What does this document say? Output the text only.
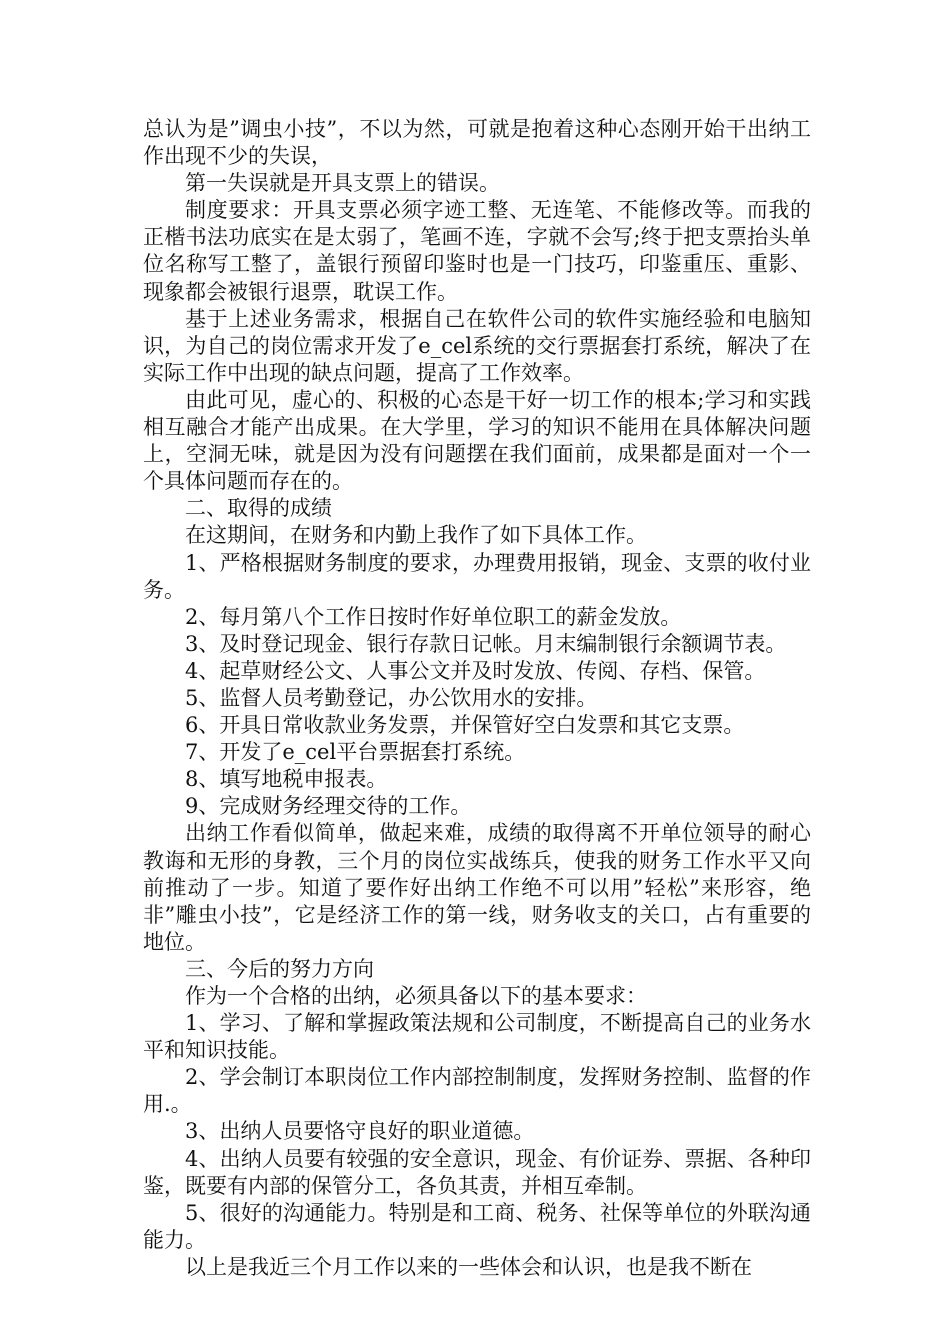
总认为是”调虫小技”，不以为然，可就是抱着这种心态刚开始干出纳工作出现不少的失误，

第一失误就是开具支票上的错误。

制度要求：开具支票必须字迹工整、无连笔、不能修改等。而我的正楷书法功底实在是太弱了，笔画不连，字就不会写;终于把支票抬头单位名称写工整了，盖银行预留印鉴时也是一门技巧，印鉴重压、重影、现象都会被银行退票，耽误工作。

基于上述业务需求，根据自己在软件公司的软件实施经验和电脑知识，为自己的岗位需求开发了e_cel系统的交行票据套打系统，解决了在实际工作中出现的缺点问题，提高了工作效率。

由此可见，虚心的、积极的心态是干好一切工作的根本;学习和实践相互融合才能产出成果。在大学里，学习的知识不能用在具体解决问题上，空洞无味，就是因为没有问题摆在我们面前，成果都是面对一个一个具体问题而存在的。

二、取得的成绩

在这期间，在财务和内勤上我作了如下具体工作。

1、严格根据财务制度的要求，办理费用报销，现金、支票的收付业务。

2、每月第八个工作日按时作好单位职工的薪金发放。

3、及时登记现金、银行存款日记帐。月末编制银行余额调节表。

4、起草财经公文、人事公文并及时发放、传阅、存档、保管。

5、监督人员考勤登记，办公饮用水的安排。

6、开具日常收款业务发票，并保管好空白发票和其它支票。

7、开发了e_cel平台票据套打系统。

8、填写地税申报表。

9、完成财务经理交待的工作。

出纳工作看似简单，做起来难，成绩的取得离不开单位领导的耐心教诲和无形的身教，三个月的岗位实战练兵，使我的财务工作水平又向前推动了一步。知道了要作好出纳工作绝不可以用”轻松”来形容，绝非”雕虫小技”，它是经济工作的第一线，财务收支的关口，占有重要的地位。

三、今后的努力方向

作为一个合格的出纳，必须具备以下的基本要求：

1、学习、了解和掌握政策法规和公司制度，不断提高自己的业务水平和知识技能。

2、学会制订本职岗位工作内部控制制度，发挥财务控制、监督的作用.。

3、出纳人员要恪守良好的职业道德。

4、出纳人员要有较强的安全意识，现金、有价证券、票据、各种印鉴，既要有内部的保管分工，各负其责，并相互牵制。

5、很好的沟通能力。特别是和工商、税务、社保等单位的外联沟通能力。

以上是我近三个月工作以来的一些体会和认识，也是我不断在
